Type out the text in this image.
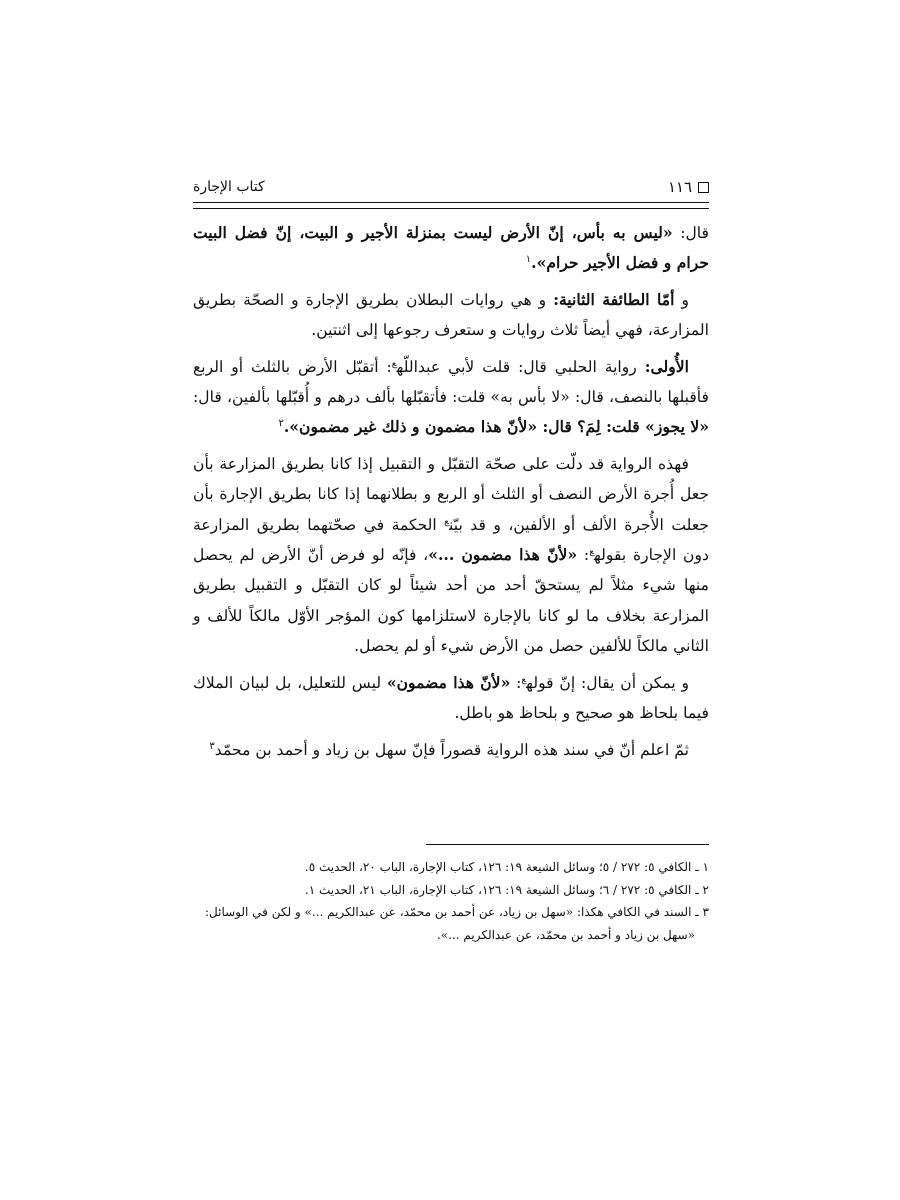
١١٦
كتاب الإجارة

قال: «ليس به بأس، إنّ الأرض ليست بمنزلة الأجير و البيت، إنّ فضل البيت حرام و فضل الأجير حرام».$^١$

و أمّا الطائفة الثانية: و هي روايات البطلان بطريق الإجارة و الصحّة بطريق المزارعة، فهي أيضاً ثلاث روايات و ستعرف رجوعها إلى اثنتين.

الأُولى: رواية الحلبي قال: قلت لأبي عبداللّه$^ع$: أتقبّل الأرض بالثلث أو الربع فأقبلها بالنصف، قال: «لا بأس به» قلت: فأتقبّلها بألف درهم و أُقبّلها بألفين، قال: «لا يجوز» قلت: لِمَ؟ قال: «لأنّ هذا مضمون و ذلك غير مضمون».$^٢$

فهذه الرواية قد دلّت على صحّة التقبّل و التقبيل إذا كانا بطريق المزارعة بأن جعل أُجرة الأرض النصف أو الثلث أو الربع و بطلانهما إذا كانا بطريق الإجارة بأن جعلت الأُجرة الألف أو الألفين، و قد بيّن$^ع$ الحكمة في صحّتهما بطريق المزارعة دون الإجارة بقوله$^ع$: «لأنّ هذا مضمون ...»، فإنّه لو فرض أنّ الأرض لم يحصل منها شيء مثلاً لم يستحقّ أحد من أحد شيئاً لو كان التقبّل و التقبيل بطريق المزارعة بخلاف ما لو كانا بالإجارة لاستلزامها كون المؤجر الأوّل مالكاً للألف و الثاني مالكاً للألفين حصل من الأرض شيء أو لم يحصل.

و يمكن أن يقال: إنّ قوله$^ع$: «لأنّ هذا مضمون» ليس للتعليل، بل لبيان الملاك فيما بلحاظ هو صحيح و بلحاظ هو باطل.

ثمّ اعلم أنّ في سند هذه الرواية قصوراً فإنّ سهل بن زياد و أحمد بن محمّد$^٣$

١ ـ الكافي ٥: ٢٧٢ / ٥؛ وسائل الشيعة ١٩: ١٢٦، كتاب الإجارة، الباب ٢٠، الحديث ٥.

٢ ـ الكافي ٥: ٢٧٢ / ٦؛ وسائل الشيعة ١٩: ١٢٦، كتاب الإجارة، الباب ٢١، الحديث ١.

٣ ـ السند في الكافي هكذا: «سهل بن زياد، عن أحمد بن محمّد، عن عبدالكريم ...» و لكن في الوسائل:

«سهل بن زياد و أحمد بن محمّد، عن عبدالكريم ...».
